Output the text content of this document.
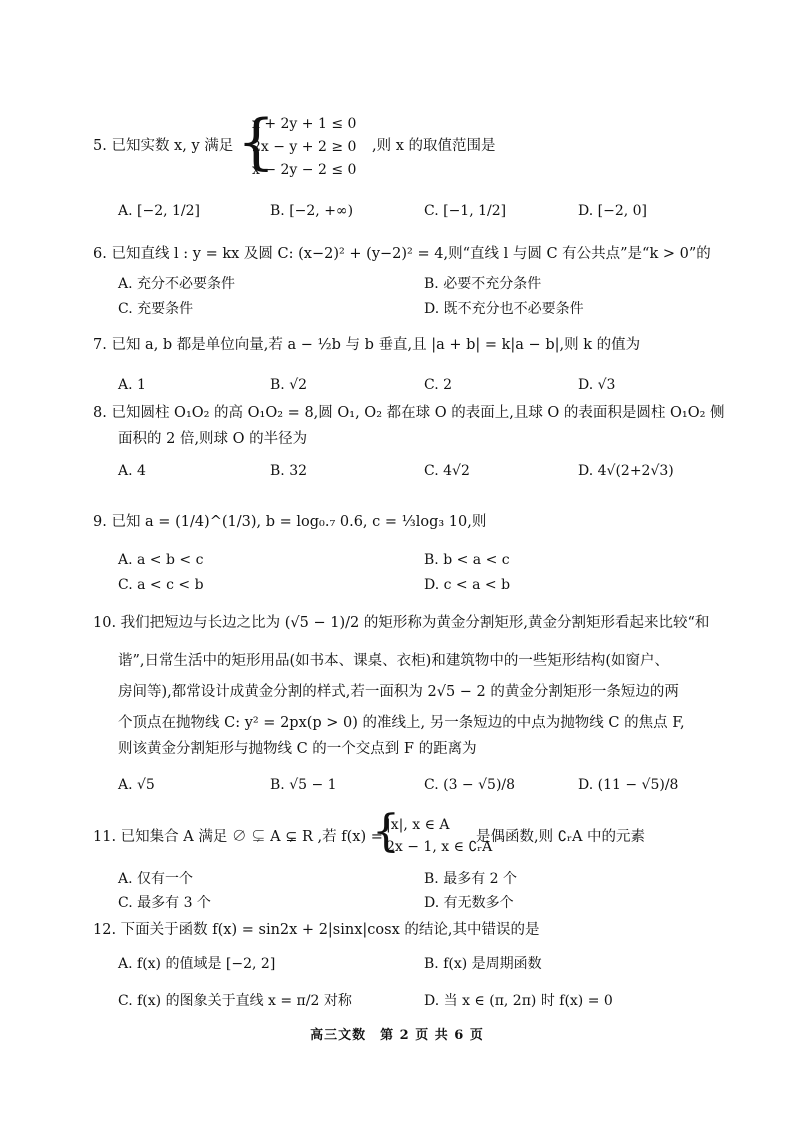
5. 已知实数 x, y 满足 {
x + 2y + 1 ≤ 0
2x − y + 2 ≥ 0
x − 2y − 2 ≤ 0
,则 x 的取值范围是
A. [−2, 1/2]	B. [−2, +∞)	C. [−1, 1/2]	D. [−2, 0]
6. 已知直线 l : y = kx 及圆 C: (x−2)² + (y−2)² = 4,则“直线 l 与圆 C 有公共点”是“k > 0”的
A. 充分不必要条件	B. 必要不充分条件
C. 充要条件	D. 既不充分也不必要条件
7. 已知 a, b 都是单位向量,若 a − ½b 与 b 垂直,且 |a + b| = k|a − b|,则 k 的值为
A. 1	B. √2	C. 2	D. √3
8. 已知圆柱 O₁O₂ 的高 O₁O₂ = 8,圆 O₁, O₂ 都在球 O 的表面上,且球 O 的表面积是圆柱 O₁O₂ 侧
面积的 2 倍,则球 O 的半径为
A. 4	B. 32	C. 4√2	D. 4√(2+2√3)
9. 已知 a = (1/4)^(1/3), b = log₀.₇ 0.6, c = ⅓log₃ 10,则
A. a < b < c	B. b < a < c
C. a < c < b	D. c < a < b
10. 我们把短边与长边之比为 (√5 − 1)/2 的矩形称为黄金分割矩形,黄金分割矩形看起来比较“和
谐”,日常生活中的矩形用品(如书本、课桌、衣柜)和建筑物中的一些矩形结构(如窗户、
房间等),都常设计成黄金分割的样式,若一面积为 2√5 − 2 的黄金分割矩形一条短边的两
个顶点在抛物线 C: y² = 2px(p > 0) 的准线上, 另一条短边的中点为抛物线 C 的焦点 F,
则该黄金分割矩形与抛物线 C 的一个交点到 F 的距离为
A. √5	B. √5 − 1	C. (3 − √5)/8	D. (11 − √5)/8
11. 已知集合 A 满足 ∅ ⊊ A ⊊ R ,若 f(x) =
{
|x|, x ∈ A
2x − 1, x ∈ ∁ᵣA
是偶函数,则 ∁ᵣA 中的元素
A. 仅有一个	B. 最多有 2 个
C. 最多有 3 个	D. 有无数多个
12. 下面关于函数 f(x) = sin2x + 2|sinx|cosx 的结论,其中错误的是
A. f(x) 的值域是 [−2, 2]	B. f(x) 是周期函数
C. f(x) 的图象关于直线 x = π/2 对称	D. 当 x ∈ (π, 2π) 时 f(x) = 0
高三文数　第 2 页 共 6 页
